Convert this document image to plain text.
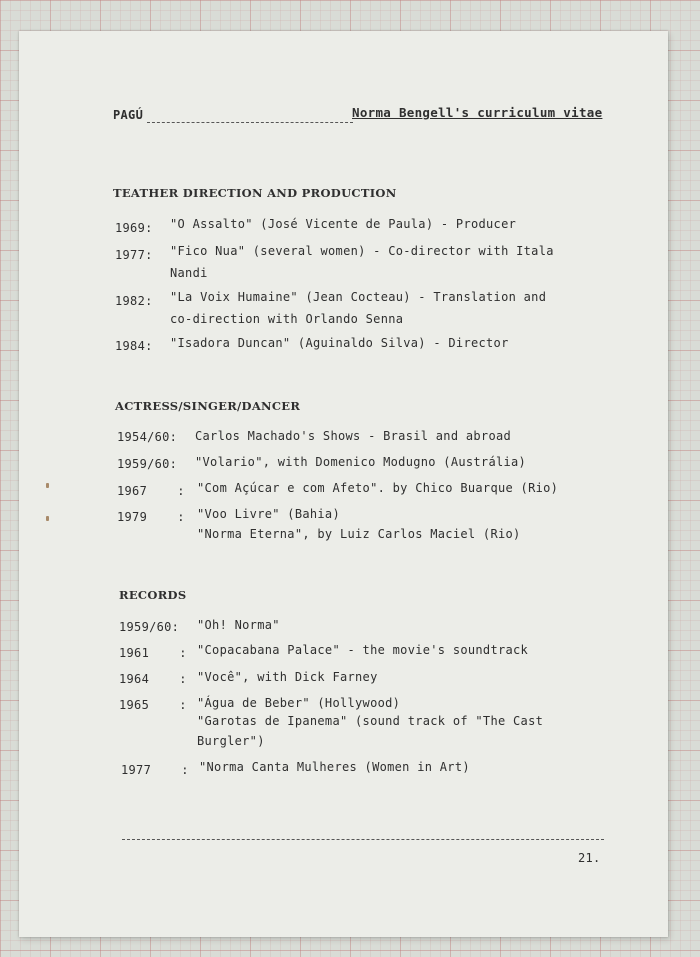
PAGÚ	Norma Bengell's curriculum vitae
TEATHER DIRECTION AND PRODUCTION
1969: "O Assalto" (José Vicente de Paula) - Producer
1977: "Fico Nua" (several women) - Co-director with Itala
Nandi
1982: "La Voix Humaine" (Jean Cocteau) - Translation and
co-direction with Orlando Senna
1984: "Isadora Duncan" (Aguinaldo Silva) - Director
ACTRESS/SINGER/DANCER
1954/60: Carlos Machado's Shows - Brasil and abroad
1959/60: "Volario", with Domenico Modugno (Austrália)
1967    : "Com Açúcar e com Afeto". by Chico Buarque (Rio)
1979    : "Voo Livre" (Bahia)
"Norma Eterna", by Luiz Carlos Maciel (Rio)
RECORDS
1959/60: "Oh! Norma"
1961    : "Copacabana Palace" - the movie's soundtrack
1964    : "Você", with Dick Farney
1965    : "Água de Beber" (Hollywood)
"Garotas de Ipanema" (sound track of "The Cast
Burgler")
1977    : "Norma Canta Mulheres (Women in Art)
21.
